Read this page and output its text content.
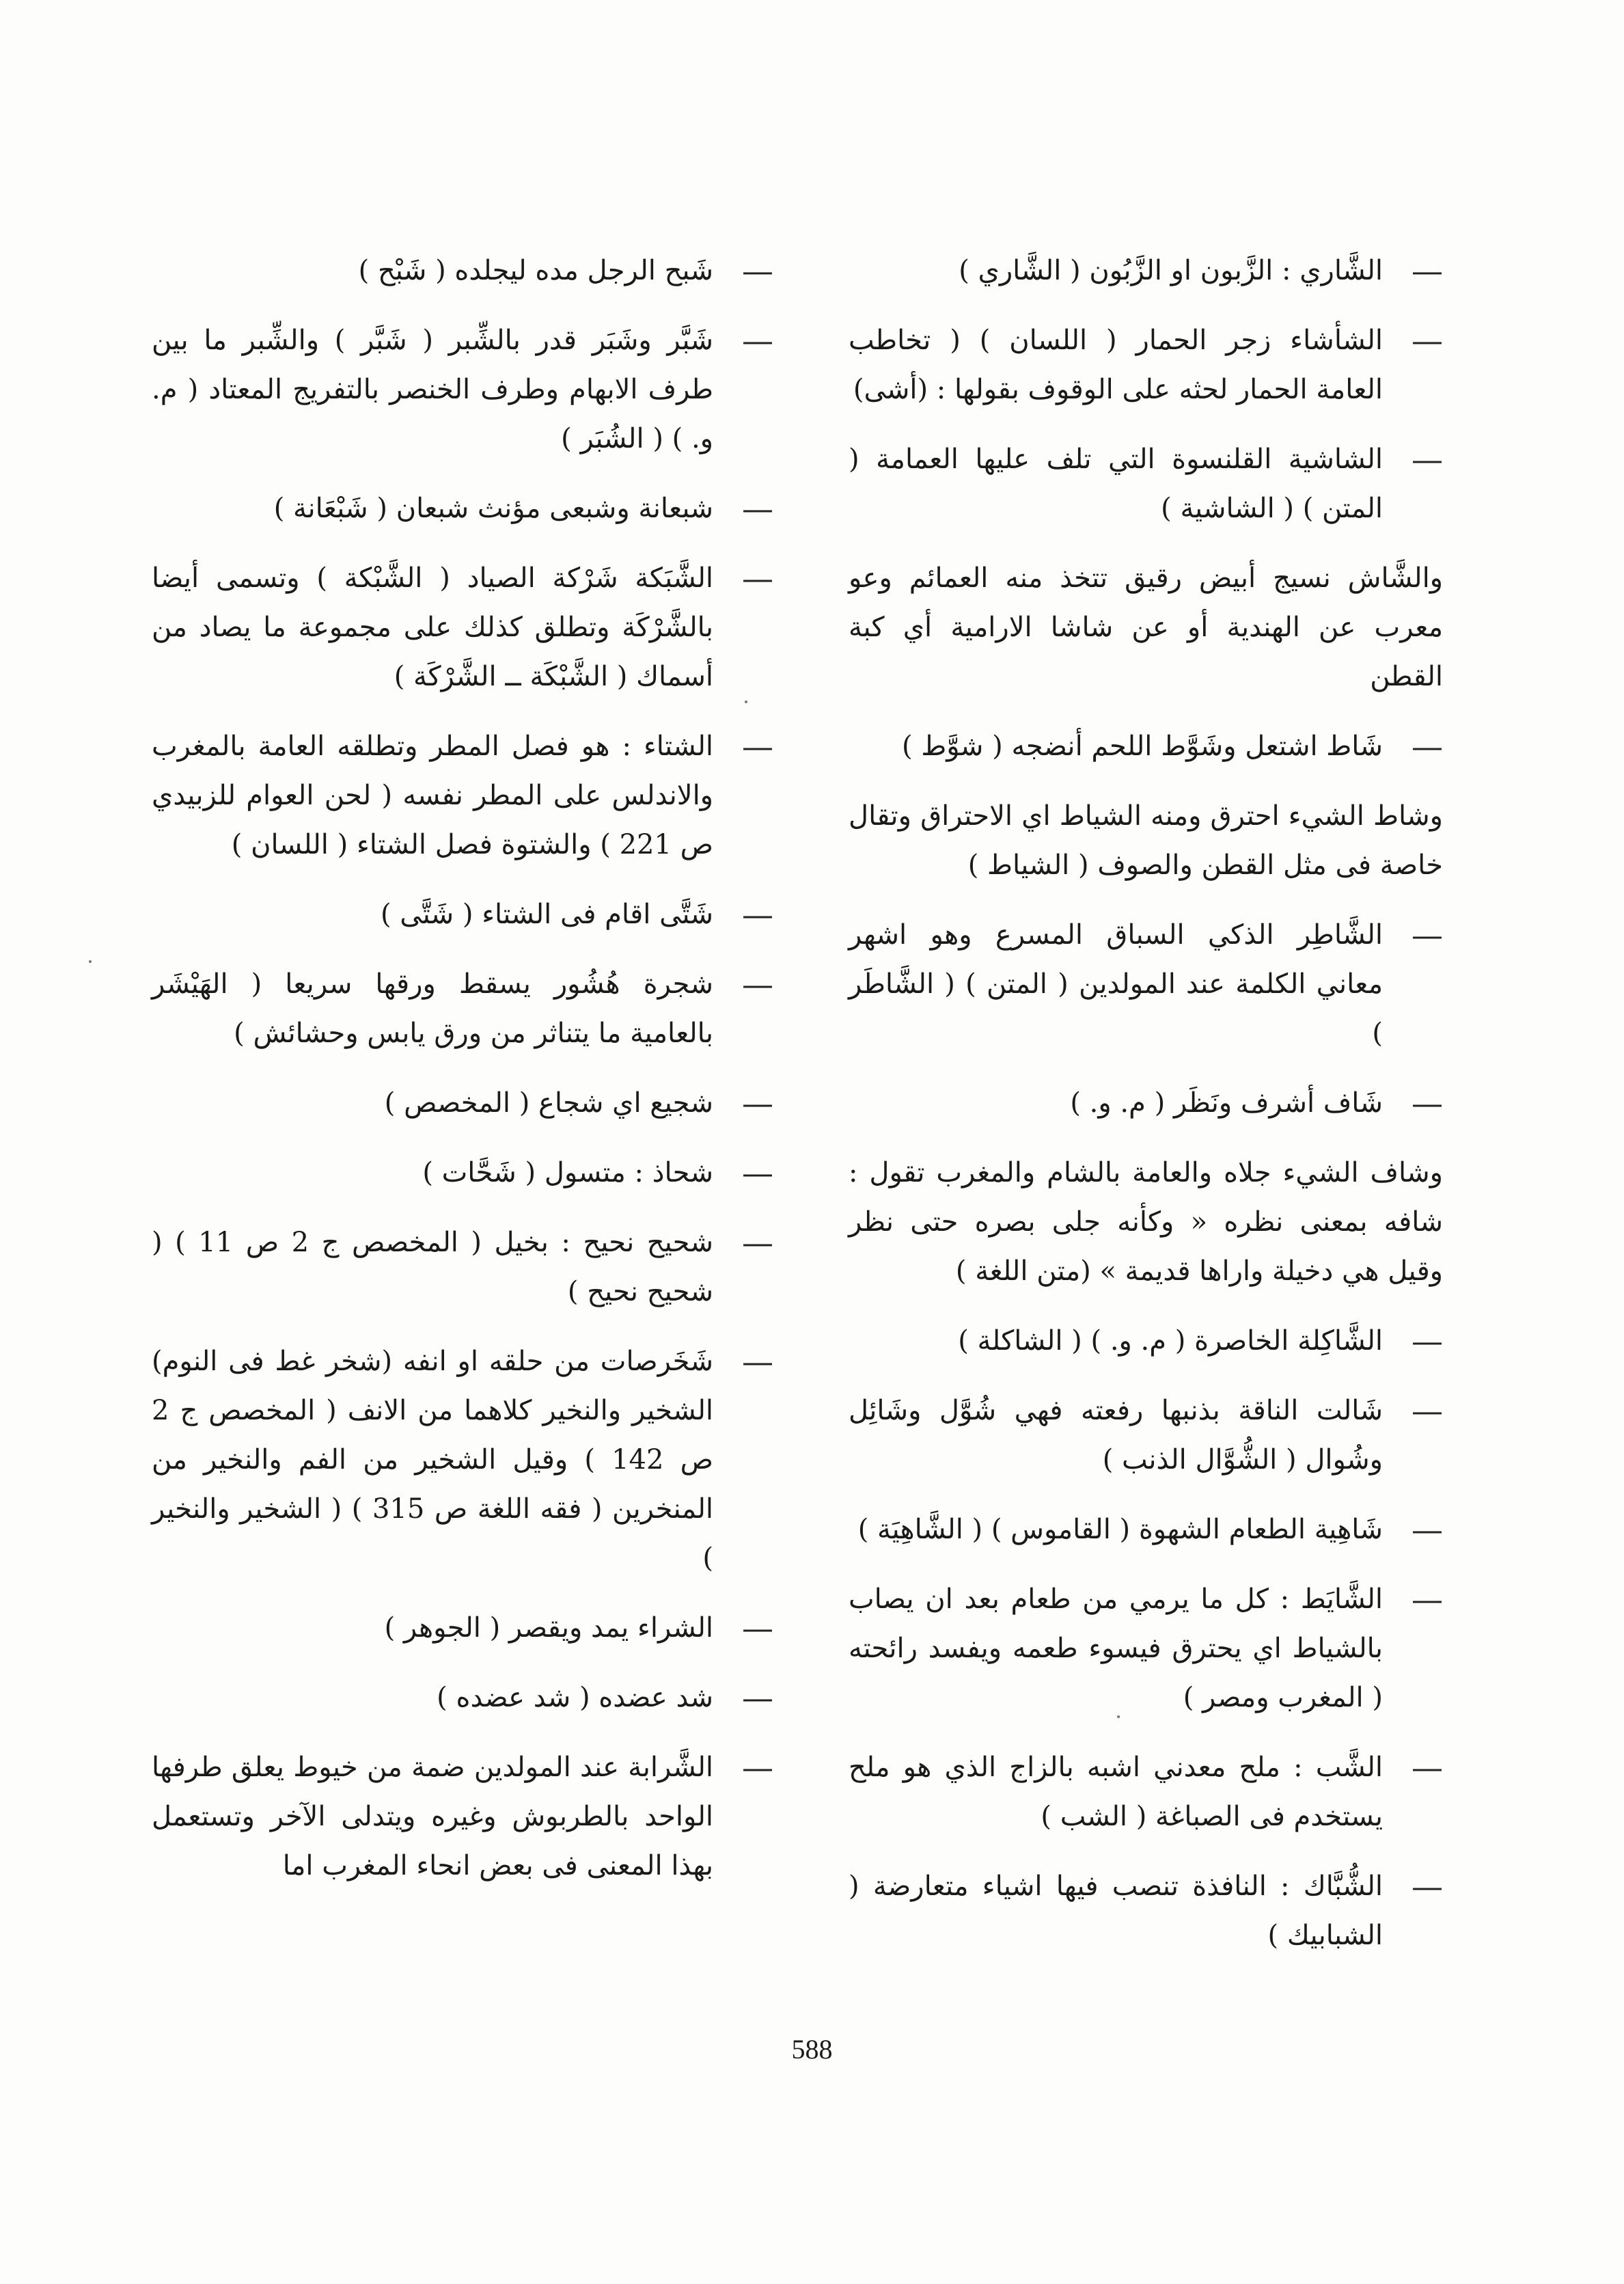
—
الشَّاري : الزَّبون او الزَّبُون ( الشَّاري )
—
الشأشاء زجر الحمار ( اللسان ) ( تخاطب العامة الحمار لحثه على الوقوف بقولها : (أشى)
—
الشاشية القلنسوة التي تلف عليها العمامة ( المتن ) ( الشاشية )
والشَّاش نسيج أبيض رقيق تتخذ منه العمائم وعو معرب عن الهندية أو عن شاشا الارامية أي كبة القطن
—
شَاط اشتعل وشَوَّط اللحم أنضجه ( شوَّط )
وشاط الشيء احترق ومنه الشياط اي الاحتراق وتقال خاصة فى مثل القطن والصوف ( الشياط )
—
الشَّاطِر الذكي السباق المسرع وهو اشهر معاني الكلمة عند المولدين ( المتن ) ( الشَّاطَر )
—
شَاف أشرف ونَظَر ( م. و. )
وشاف الشيء جلاه والعامة بالشام والمغرب تقول : شافه بمعنى نظره « وكأنه جلى بصره حتى نظر وقيل هي دخيلة واراها قديمة » (متن اللغة )
—
الشَّاكِلة الخاصرة ( م. و. ) ( الشاكلة )
—
شَالت الناقة بذنبها رفعته فهي شُوَّل وشَائِل وشُوال ( الشُّوَّال الذنب )
—
شَاهِية الطعام الشهوة ( القاموس ) ( الشَّاهِيَة )
—
الشَّايَط : كل ما يرمي من طعام بعد ان يصاب بالشياط اي يحترق فيسوء طعمه ويفسد رائحته ( المغرب ومصر )
—
الشَّب : ملح معدني اشبه بالزاج الذي هو ملح يستخدم فى الصباغة ( الشب )
—
الشُّبَّاك : النافذة تنصب فيها اشياء متعارضة ( الشبابيك )
—
شَبح الرجل مده ليجلده ( شَبْح )
—
شَبَّر وشَبَر قدر بالشِّبر ( شَبَّر ) والشِّبر ما بين طرف الابهام وطرف الخنصر بالتفريج المعتاد ( م. و. ) ( الشُبَر )
—
شبعانة وشبعى مؤنث شبعان ( شَبْعَانة )
—
الشَّبَكة شَرْكة الصياد ( الشَّبْكة ) وتسمى أيضا بالشَّرْكَة وتطلق كذلك على مجموعة ما يصاد من أسماك ( الشَّبْكَة ــ الشَّرْكَة )
—
الشتاء : هو فصل المطر وتطلقه العامة بالمغرب والاندلس على المطر نفسه ( لحن العوام للزبيدي ص 221 ) والشتوة فصل الشتاء ( اللسان )
—
شَتَّى اقام فى الشتاء ( شَتَّى )
—
شجرة هُشُور يسقط ورقها سريعا ( الهَيْشَر بالعامية ما يتناثر من ورق يابس وحشائش )
—
شجيع اي شجاع ( المخصص )
—
شحاذ : متسول ( شَحَّات )
—
شحيح نحيح : بخيل ( المخصص ج 2 ص 11 ) ( شحيح نحيح )
—
شَخَرصات من حلقه او انفه (شخر غط فى النوم) الشخير والنخير كلاهما من الانف ( المخصص ج 2 ص 142 ) وقيل الشخير من الفم والنخير من المنخرين ( فقه اللغة ص 315 ) ( الشخير والنخير )
—
الشراء يمد ويقصر ( الجوهر )
—
شد عضده ( شد عضده )
—
الشَّرابة عند المولدين ضمة من خيوط يعلق طرفها الواحد بالطربوش وغيره ويتدلى الآخر وتستعمل بهذا المعنى فى بعض انحاء المغرب اما
588
